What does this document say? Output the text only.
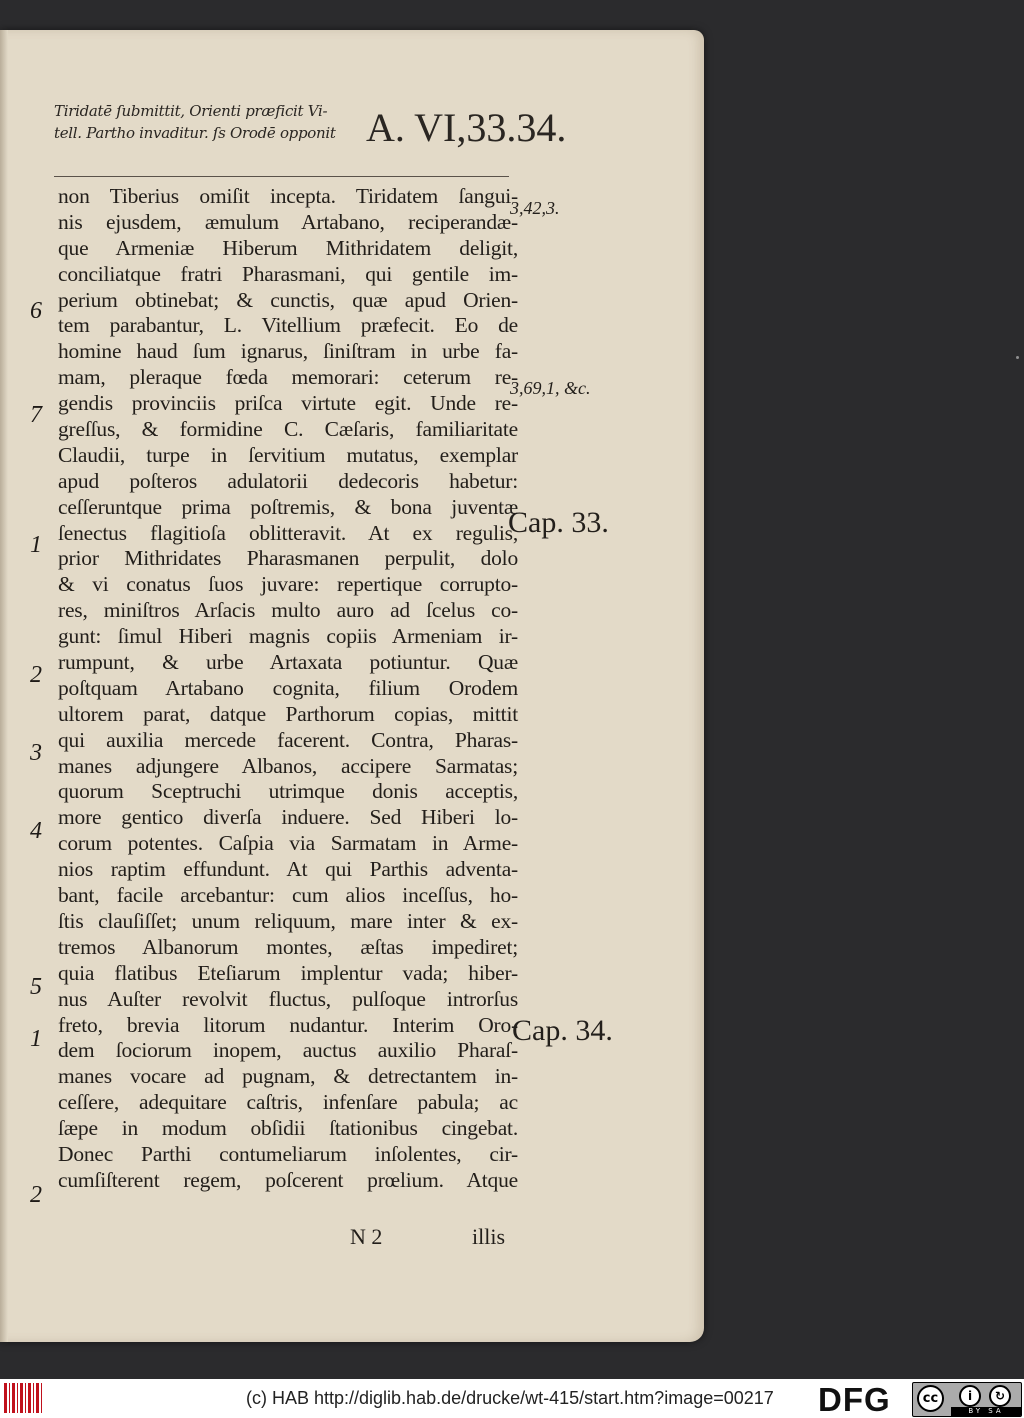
Tiridatē ſubmittit, Orienti præficit Vi-
tell. Partho invaditur. ſs Orodē opponit A. VI,33.34.
non Tiberius omiſit incepta. Tiridatem ſangui-
nis ejusdem, æmulum Artabano, reciperandæ-
que Armeniæ Hiberum Mithridatem deligit,
conciliatque fratri Pharasmani, qui gentile im-
perium obtinebat; & cunctis, quæ apud Orien-
tem parabantur, L. Vitellium præfecit. Eo de
homine haud ſum ignarus, ſiniſtram in urbe fa-
mam, pleraque fœda memorari: ceterum re-
gendis provinciis priſca virtute egit. Unde re-
greſſus, & formidine C. Cæſaris, familiaritate
Claudii, turpe in ſervitium mutatus, exemplar
apud poſteros adulatorii dedecoris habetur:
ceſſeruntque prima poſtremis, & bona juventæ
ſenectus flagitioſa oblitteravit. At ex regulis,
prior Mithridates Pharasmanen perpulit, dolo
& vi conatus ſuos juvare: repertique corrupto-
res, miniſtros Arſacis multo auro ad ſcelus co-
gunt: ſimul Hiberi magnis copiis Armeniam ir-
rumpunt, & urbe Artaxata potiuntur. Quæ
poſtquam Artabano cognita, filium Orodem
ultorem parat, datque Parthorum copias, mittit
qui auxilia mercede facerent. Contra, Pharas-
manes adjungere Albanos, accipere Sarmatas;
quorum Sceptruchi utrimque donis acceptis,
more gentico diverſa induere. Sed Hiberi lo-
corum potentes. Caſpia via Sarmatam in Arme-
nios raptim effundunt. At qui Parthis adventa-
bant, facile arcebantur: cum alios inceſſus, ho-
ſtis clauſiſſet; unum reliquum, mare inter & ex-
tremos Albanorum montes, æſtas impediret;
quia flatibus Eteſiarum implentur vada; hiber-
nus Auſter revolvit fluctus, pulſoque introrſus
freto, brevia litorum nudantur. Interim Oro-
dem ſociorum inopem, auctus auxilio Pharaſ-
manes vocare ad pugnam, & detrectantem in-
ceſſere, adequitare caſtris, infenſare pabula; ac
ſæpe in modum obſidii ſtationibus cingebat.
Donec Parthi contumeliarum inſolentes, cir-
cumſiſterent regem, poſcerent prœlium. Atque
6
7
1
2
3
4
5
1
2
3,42,3.
3,69,1, &c.
Cap. 33.
Cap. 34.
N 2	illis
(c) HAB http://diglib.hab.de/drucke/wt-415/start.htm?image=00217 DFG	cc	i	↻
BY SA
